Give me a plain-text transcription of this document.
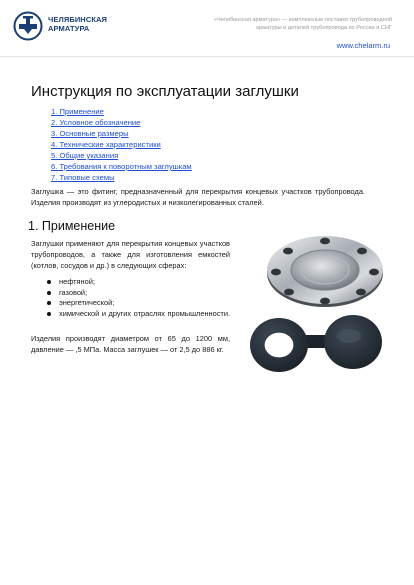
ЧЕЛЯБИНСКАЯ
АРМАТУРА
«Челябинская арматура» — комплексные поставки трубопроводной
арматуры и деталей трубопровода по России и СНГ
www.chelarm.ru
Инструкция по эксплуатации заглушки
1. Применение
2. Условное обозначение
3. Основные размеры
4. Технические характеристики
5. Общие указания
6. Требования к поворотным заглушкам
7. Типовые схемы

Заглушка — это фитинг, предназначенный для перекрытия концевых участков трубопровода. Изделия производят из углеродистых и низколегированных сталей.

1. Применение

Заглушки применяют для перекрытия концевых участков трубопроводов, а также для изготовления емкостей (котлов, сосудов и др.) в следующих сферах:

нефтяной;
газовой;
энергетической;
химической и других отраслях промышленности.

Изделия производят диаметром от 65 до 1200 мм, давление — ,5 МПа. Масса заглушек — от 2,5 до 886 кг.
